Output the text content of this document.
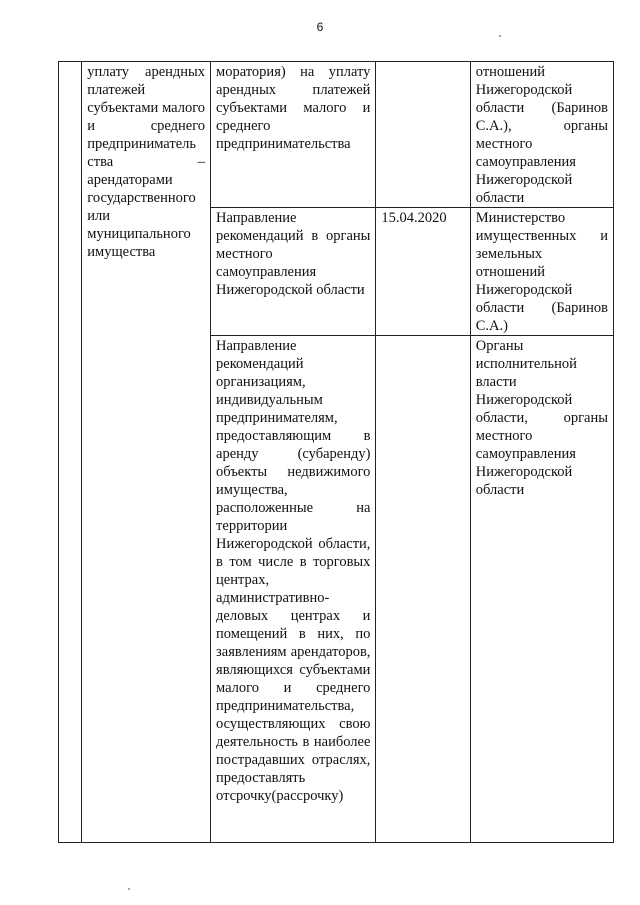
6

	уплату арендных платежей субъектами малого и среднего предприниматель ства – арендаторами государственного или муниципального имущества	моратория) на уплату арендных платежей субъектами малого и среднего предпринимательства		отношений Нижегородской области (Баринов С.А.), органы местного самоуправления Нижегородской области

		Направление рекомендаций в органы местного самоуправления Нижегородской области	15.04.2020	Министерство имущественных и земельных отношений Нижегородской области (Баринов С.А.)

		Направление рекомендаций организациям, индивидуальным предпринимателям, предоставляющим в аренду (субаренду) объекты недвижимого имущества, расположенные на территории Нижегородской области, в том числе в торговых центрах, административно-деловых центрах и помещений в них, по заявлениям арендаторов, являющихся субъектами малого и среднего предпринимательства, осуществляющих свою деятельность в наиболее пострадавших отраслях, предоставлять отсрочку(рассрочку)		Органы исполнительной власти Нижегородской области, органы местного самоуправления Нижегородской области
